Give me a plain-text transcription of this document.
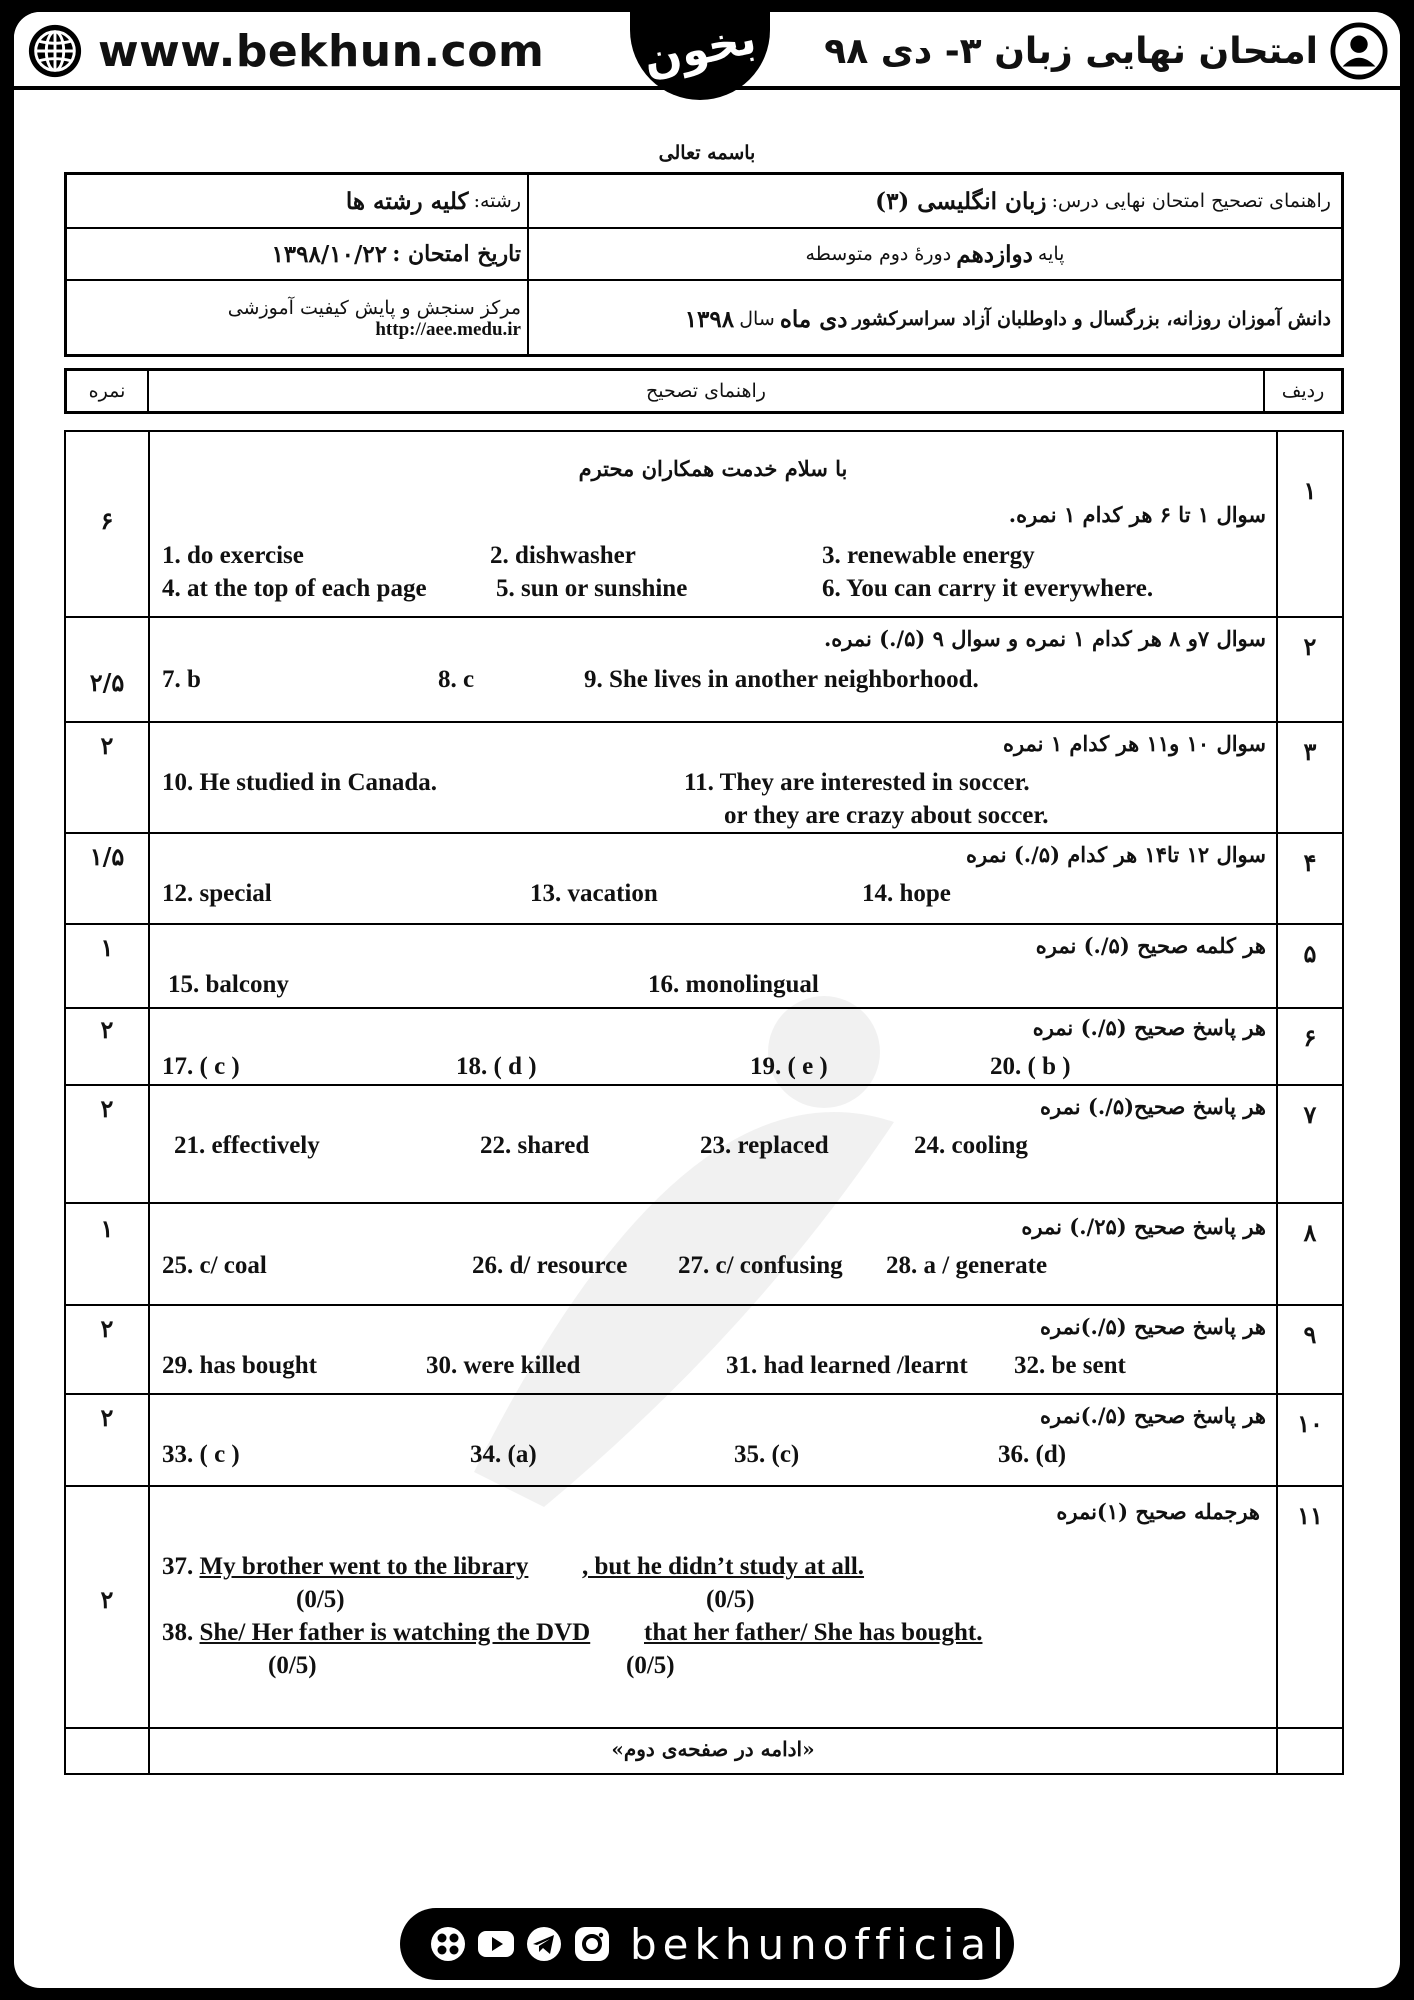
www.bekhun.com بخون امتحان نهایی زبان ۳- دی ۹۸
باسمه تعالی
راهنمای تصحیح امتحان نهایی درس:

زبان انگلیسی (۳)
رشته:

کلیه رشته ها
پایه

دوازدهم

دورهٔ دوم متوسطه
تاریخ امتحان :

۱۳۹۸/۱۰/۲۲
دانش آموزان روزانه، بزرگسال و داوطلبان آزاد سراسرکشور

دی ماه

سال

۱۳۹۸
مرکز سنجش و پایش کیفیت آموزشی
http://aee.medu.ir
ردیف
راهنمای تصحیح
نمره
۱
با سلام خدمت همکاران محترم
سوال ۱ تا ۶ هر کدام ۱ نمره.
1. do exercise	2. dishwasher	3. renewable energy
4. at the top of each page	5. sun or sunshine	6. You can carry it everywhere.
۶
۲
سوال ۷و ۸ هر کدام ۱ نمره و سوال ۹ (۵/.) نمره.
7. b	8. c	9. She lives in another neighborhood.
۲/۵
۳
سوال ۱۰ و۱۱ هر کدام ۱ نمره
10. He studied in Canada.	11. They are interested in soccer.
or they are crazy about soccer.
۲
۴
سوال ۱۲ تا۱۴ هر کدام (۵/.) نمره
12. special	13. vacation	14. hope
۱/۵
۵
هر کلمه صحیح (۵/.) نمره
15. balcony	16. monolingual
۱
۶
هر پاسخ صحیح (۵/.) نمره
17. ( c )	18. ( d )	19. ( e )	20. ( b )
۲
۷
هر پاسخ صحیح(۵/.) نمره
21. effectively	22. shared	23. replaced	24. cooling
۲
۸
هر پاسخ صحیح (۲۵/.) نمره
25. c/ coal	26. d/ resource 27. c/ confusing 28. a / generate
۱
۹
هر پاسخ صحیح (۵/.)نمره
29. has bought	30. were killed	31. had learned /learnt 32. be sent
۲
۱۰
هر پاسخ صحیح (۵/.)نمره
33. ( c )	34. (a)	35. (c)	36. (d)
۲
۱۱
هرجمله صحیح (۱)نمره
37. My brother went to the library , but he didn’t study at all.
(0/5)	(0/5)
38. She/ Her father is watching the DVD that her father/ She has bought.
(0/5)	(0/5)
۲
«ادامه در صفحه‌ی دوم»
bekhunofficial
